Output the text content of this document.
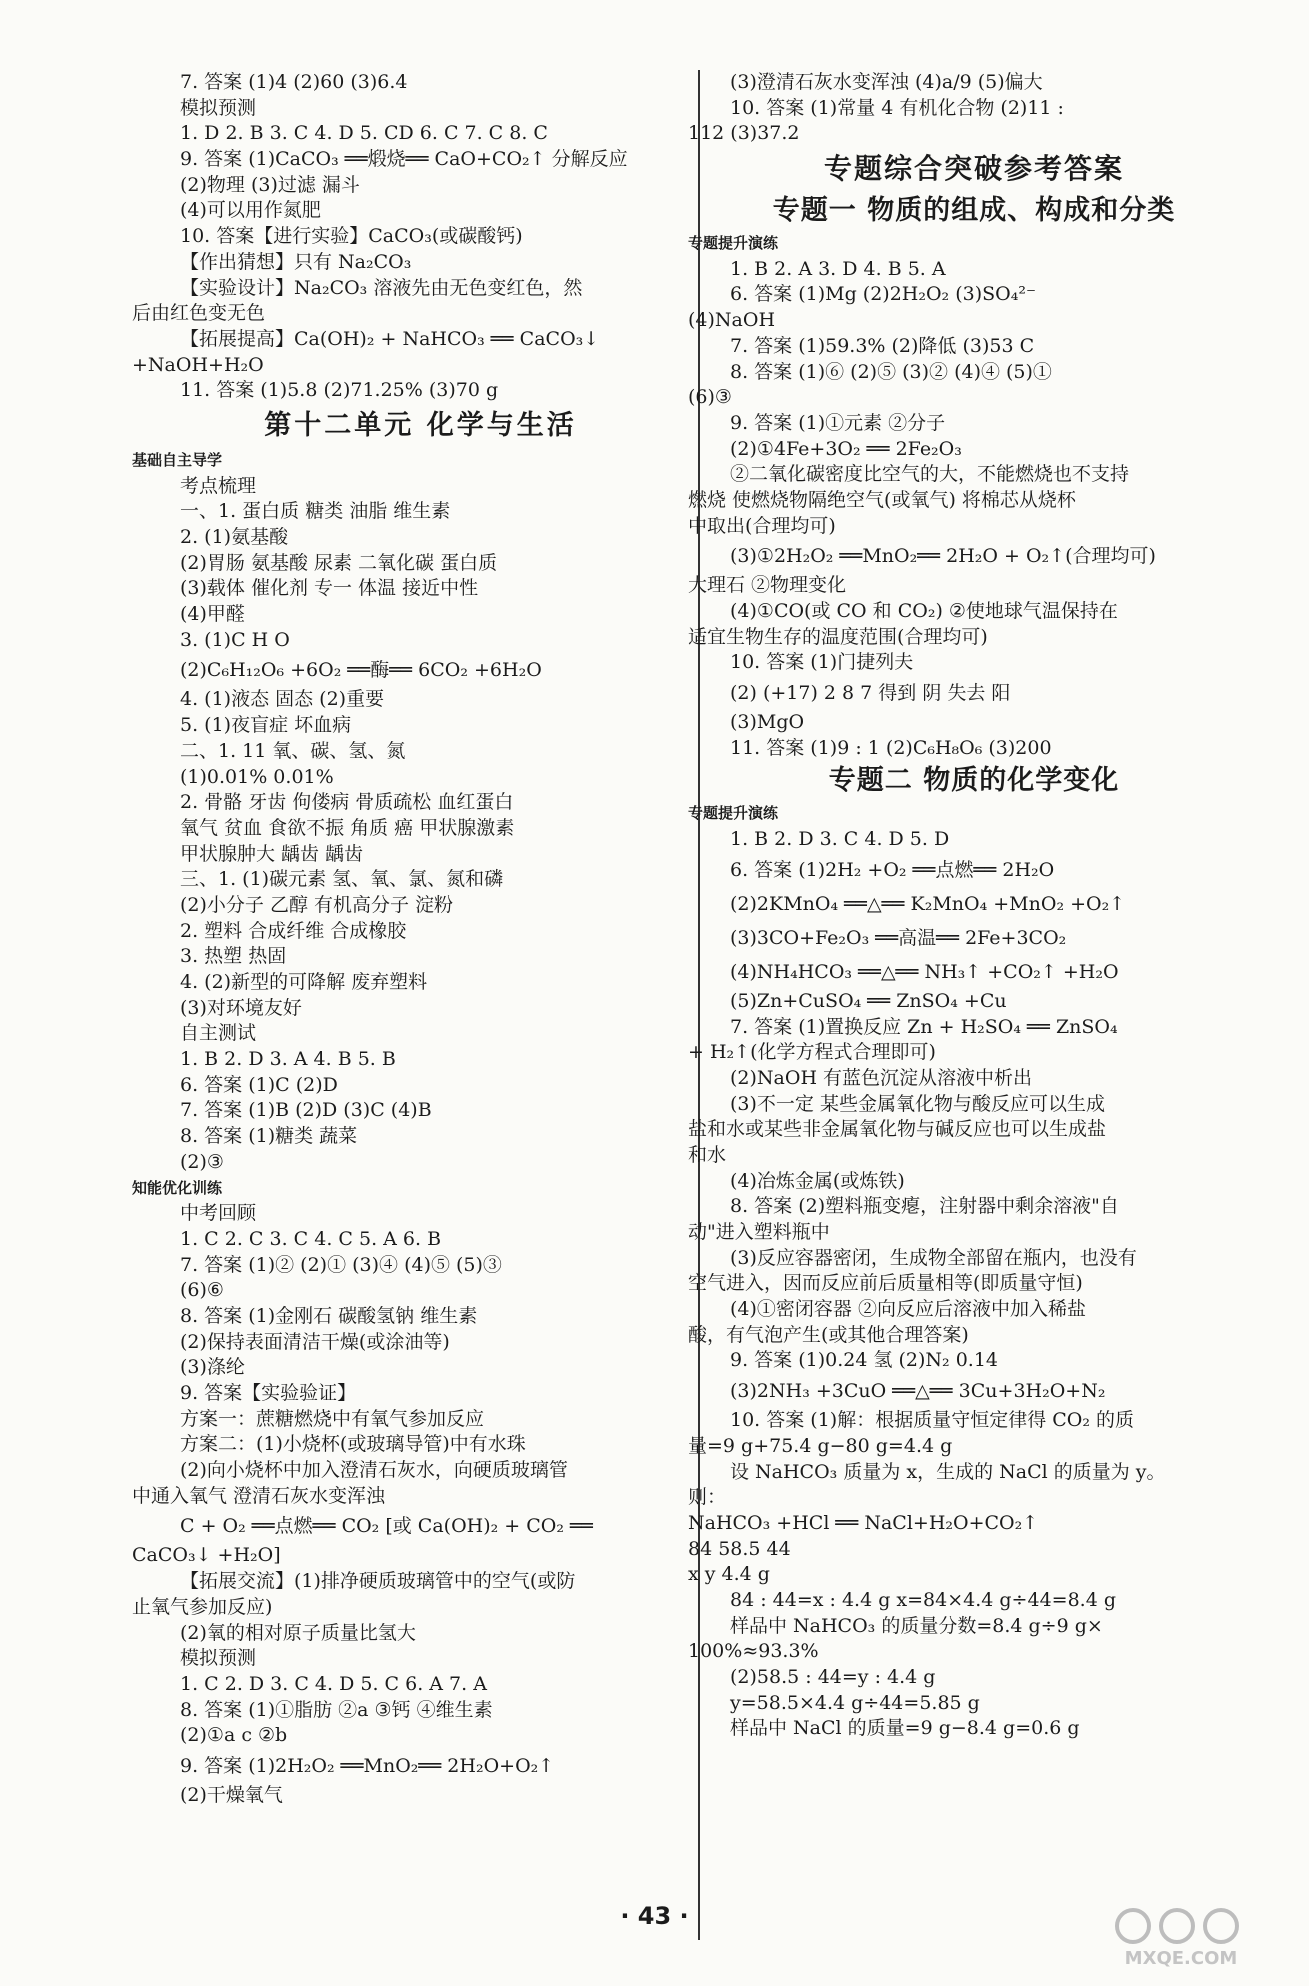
7. 答案 (1)4 (2)60 (3)6.4
模拟预测
1. D 2. B 3. C 4. D 5. CD 6. C 7. C 8. C
9. 答案 (1)CaCO₃ ══煅烧══ CaO+CO₂↑ 分解反应
(2)物理 (3)过滤 漏斗
(4)可以用作氮肥
10. 答案【进行实验】CaCO₃(或碳酸钙)
【作出猜想】只有 Na₂CO₃
【实验设计】Na₂CO₃ 溶液先由无色变红色，然
后由红色变无色
【拓展提高】Ca(OH)₂ + NaHCO₃ ══ CaCO₃↓
+NaOH+H₂O
11. 答案 (1)5.8 (2)71.25% (3)70 g
第十二单元 化学与生活
基础自主导学
考点梳理
一、1. 蛋白质 糖类 油脂 维生素
2. (1)氨基酸
(2)胃肠 氨基酸 尿素 二氧化碳 蛋白质
(3)载体 催化剂 专一 体温 接近中性
(4)甲醛
3. (1)C H O
(2)C₆H₁₂O₆ +6O₂ ══酶══ 6CO₂ +6H₂O
4. (1)液态 固态 (2)重要
5. (1)夜盲症 坏血病
二、1. 11 氧、碳、氢、氮
(1)0.01% 0.01%
2. 骨骼 牙齿 佝偻病 骨质疏松 血红蛋白
氧气 贫血 食欲不振 角质 癌 甲状腺激素
甲状腺肿大 龋齿 龋齿
三、1. (1)碳元素 氢、氧、氯、氮和磷
(2)小分子 乙醇 有机高分子 淀粉
2. 塑料 合成纤维 合成橡胶
3. 热塑 热固
4. (2)新型的可降解 废弃塑料
(3)对环境友好
自主测试
1. B 2. D 3. A 4. B 5. B
6. 答案 (1)C (2)D
7. 答案 (1)B (2)D (3)C (4)B
8. 答案 (1)糖类 蔬菜
(2)③
知能优化训练
中考回顾
1. C 2. C 3. C 4. C 5. A 6. B
7. 答案 (1)② (2)① (3)④ (4)⑤ (5)③
(6)⑥
8. 答案 (1)金刚石 碳酸氢钠 维生素
(2)保持表面清洁干燥(或涂油等)
(3)涤纶
9. 答案【实验验证】
方案一：蔗糖燃烧中有氧气参加反应
方案二：(1)小烧杯(或玻璃导管)中有水珠
(2)向小烧杯中加入澄清石灰水，向硬质玻璃管
中通入氧气 澄清石灰水变浑浊
C + O₂ ══点燃══ CO₂ [或 Ca(OH)₂ + CO₂ ══
CaCO₃↓ +H₂O]
【拓展交流】(1)排净硬质玻璃管中的空气(或防
止氧气参加反应)
(2)氧的相对原子质量比氢大
模拟预测
1. C 2. D 3. C 4. D 5. C 6. A 7. A
8. 答案 (1)①脂肪 ②a ③钙 ④维生素
(2)①a c ②b
9. 答案 (1)2H₂O₂ ══MnO₂══ 2H₂O+O₂↑
(2)干燥氧气
(3)澄清石灰水变浑浊 (4)a/9 (5)偏大
10. 答案 (1)常量 4 有机化合物 (2)11 :
112 (3)37.2
专题综合突破参考答案
专题一 物质的组成、构成和分类
专题提升演练
1. B 2. A 3. D 4. B 5. A
6. 答案 (1)Mg (2)2H₂O₂ (3)SO₄²⁻
(4)NaOH
7. 答案 (1)59.3% (2)降低 (3)53 C
8. 答案 (1)⑥ (2)⑤ (3)② (4)④ (5)①
(6)③
9. 答案 (1)①元素 ②分子
(2)①4Fe+3O₂ ══ 2Fe₂O₃
②二氧化碳密度比空气的大，不能燃烧也不支持
燃烧 使燃烧物隔绝空气(或氧气) 将棉芯从烧杯
中取出(合理均可)
(3)①2H₂O₂ ══MnO₂══ 2H₂O + O₂↑(合理均可)
大理石 ②物理变化
(4)①CO(或 CO 和 CO₂) ②使地球气温保持在
适宜生物生存的温度范围(合理均可)
10. 答案 (1)门捷列夫
(2) (+17) 2 8 7 得到 阴 失去 阳
(3)MgO
11. 答案 (1)9 : 1 (2)C₆H₈O₆ (3)200
专题二 物质的化学变化
专题提升演练
1. B 2. D 3. C 4. D 5. D
6. 答案 (1)2H₂ +O₂ ══点燃══ 2H₂O
(2)2KMnO₄ ══△══ K₂MnO₄ +MnO₂ +O₂↑
(3)3CO+Fe₂O₃ ══高温══ 2Fe+3CO₂
(4)NH₄HCO₃ ══△══ NH₃↑ +CO₂↑ +H₂O
(5)Zn+CuSO₄ ══ ZnSO₄ +Cu
7. 答案 (1)置换反应 Zn + H₂SO₄ ══ ZnSO₄
+ H₂↑(化学方程式合理即可)
(2)NaOH 有蓝色沉淀从溶液中析出
(3)不一定 某些金属氧化物与酸反应可以生成
盐和水或某些非金属氧化物与碱反应也可以生成盐
和水
(4)冶炼金属(或炼铁)
8. 答案 (2)塑料瓶变瘪，注射器中剩余溶液"自
动"进入塑料瓶中
(3)反应容器密闭，生成物全部留在瓶内，也没有
空气进入，因而反应前后质量相等(即质量守恒)
(4)①密闭容器 ②向反应后溶液中加入稀盐
酸，有气泡产生(或其他合理答案)
9. 答案 (1)0.24 氢 (2)N₂ 0.14
(3)2NH₃ +3CuO ══△══ 3Cu+3H₂O+N₂
10. 答案 (1)解：根据质量守恒定律得 CO₂ 的质
量=9 g+75.4 g−80 g=4.4 g
设 NaHCO₃ 质量为 x，生成的 NaCl 的质量为 y。
则：
NaHCO₃ +HCl ══ NaCl+H₂O+CO₂↑
84 58.5 44
x y 4.4 g
84 : 44=x : 4.4 g x=84×4.4 g÷44=8.4 g
样品中 NaHCO₃ 的质量分数=8.4 g÷9 g×
100%≈93.3%
(2)58.5 : 44=y : 4.4 g
y=58.5×4.4 g÷44=5.85 g
样品中 NaCl 的质量=9 g−8.4 g=0.6 g
· 43 ·
MXQE.COM
